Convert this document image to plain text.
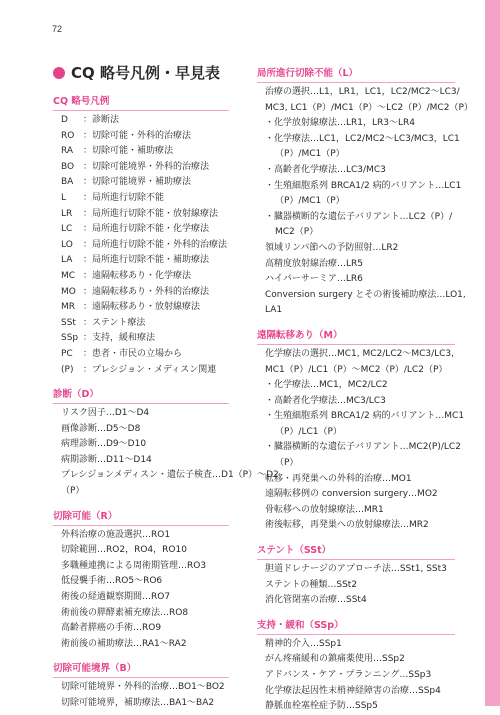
72
CQ 略号凡例・早見表
CQ 略号凡例
D ：診断法
RO ：切除可能・外科的治療法
RA ：切除可能・補助療法
BO ：切除可能境界・外科的治療法
BA ：切除可能境界・補助療法
L ：局所進行切除不能
LR ：局所進行切除不能・放射線療法
LC ：局所進行切除不能・化学療法
LO ：局所進行切除不能・外科的治療法
LA ：局所進行切除不能・補助療法
MC ：遠隔転移あり・化学療法
MO ：遠隔転移あり・外科的治療法
MR ：遠隔転移あり・放射線療法
SSt ：ステント療法
SSp ：支持，緩和療法
PC ：患者・市民の立場から
(P) ：プレシジョン・メディスン関連
診断（D）
リスク因子…D1～D4
画像診断…D5～D8
病理診断…D9～D10
病期診断…D11～D14
プレシジョンメディスン・遺伝子検査…D1（P）～D2
（P）
切除可能（R）
外科治療の施設選択…RO1
切除範囲…RO2，RO4，RO10
多職種連携による周術期管理…RO3
低侵襲手術…RO5～RO6
術後の経過観察期間…RO7
術前後の膵酵素補充療法…RO8
高齢者膵癌の手術…RO9
術前後の補助療法…RA1～RA2
切除可能境界（B）
切除可能境界・外科的治療…BO1～BO2
切除可能境界，補助療法…BA1～BA2
局所進行切除不能（L）
治療の選択…L1，LR1，LC1，LC2/MC2～LC3/
MC3, LC1（P）/MC1（P）～LC2（P）/MC2（P）
・化学放射線療法…LR1，LR3～LR4
・化学療法…LC1，LC2/MC2～LC3/MC3，LC1
（P）/MC1（P）
・高齢者化学療法…LC3/MC3
・生殖細胞系列 BRCA1/2 病的バリアント…LC1
（P）/MC1（P）
・臓器横断的な遺伝子バリアント…LC2（P）/
MC2（P）
領域リンパ節への予防照射…LR2
高精度放射線治療…LR5
ハイパーサーミア…LR6
Conversion surgery とその術後補助療法…LO1,
LA1
遠隔転移あり（M）
化学療法の選択…MC1, MC2/LC2～MC3/LC3,
MC1（P）/LC1（P）～MC2（P）/LC2（P）
・化学療法…MC1，MC2/LC2
・高齢者化学療法…MC3/LC3
・生殖細胞系列 BRCA1/2 病的バリアント…MC1
（P）/LC1（P）
・臓器横断的な遺伝子バリアント…MC2(P)/LC2
（P）
転移・再発巣への外科的治療…MO1
遠隔転移例の conversion surgery…MO2
骨転移への放射線療法…MR1
術後転移，再発巣への放射線療法…MR2
ステント（SSt）
胆道ドレナージのアプローチ法…SSt1, SSt3
ステントの種類…SSt2
消化管閉塞の治療…SSt4
支持・緩和（SSp）
精神的介入…SSp1
がん疼痛緩和の鎮痛薬使用…SSp2
アドバンス・ケア・プランニング…SSp3
化学療法起因性末梢神経障害の治療…SSp4
静脈血栓塞栓症予防…SSp5
